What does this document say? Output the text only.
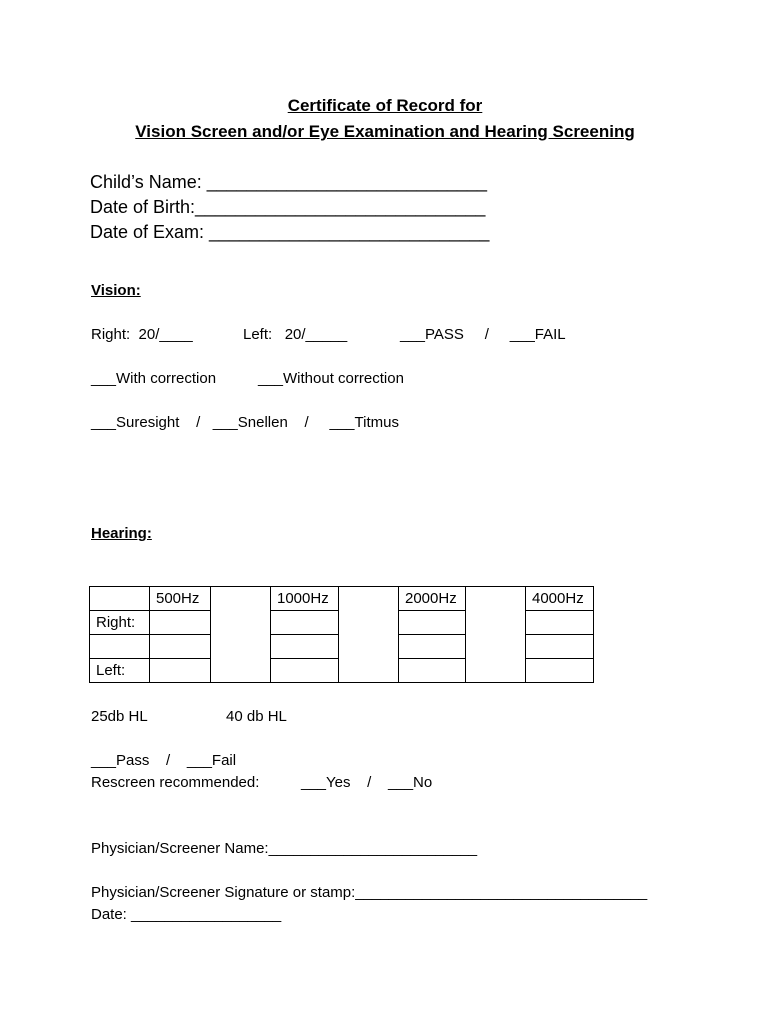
Certificate of Record for
Vision Screen and/or Eye Examination and Hearing Screening
Child’s Name: ____________________________
Date of Birth:_____________________________
Date of Exam: ____________________________
Vision:
Right:  20/____	Left:   20/_____	___PASS     /     ___FAIL
___With correction	___Without correction
___Suresight    /   ___Snellen    /     ___Titmus
Hearing:
	500Hz		1000Hz		2000Hz		4000Hz
Right:							

Left:							
25db HL	40 db HL
___Pass    /    ___Fail
Rescreen recommended:	___Yes    /    ___No
Physician/Screener Name:_________________________
Physician/Screener Signature or stamp:___________________________________
Date: __________________
